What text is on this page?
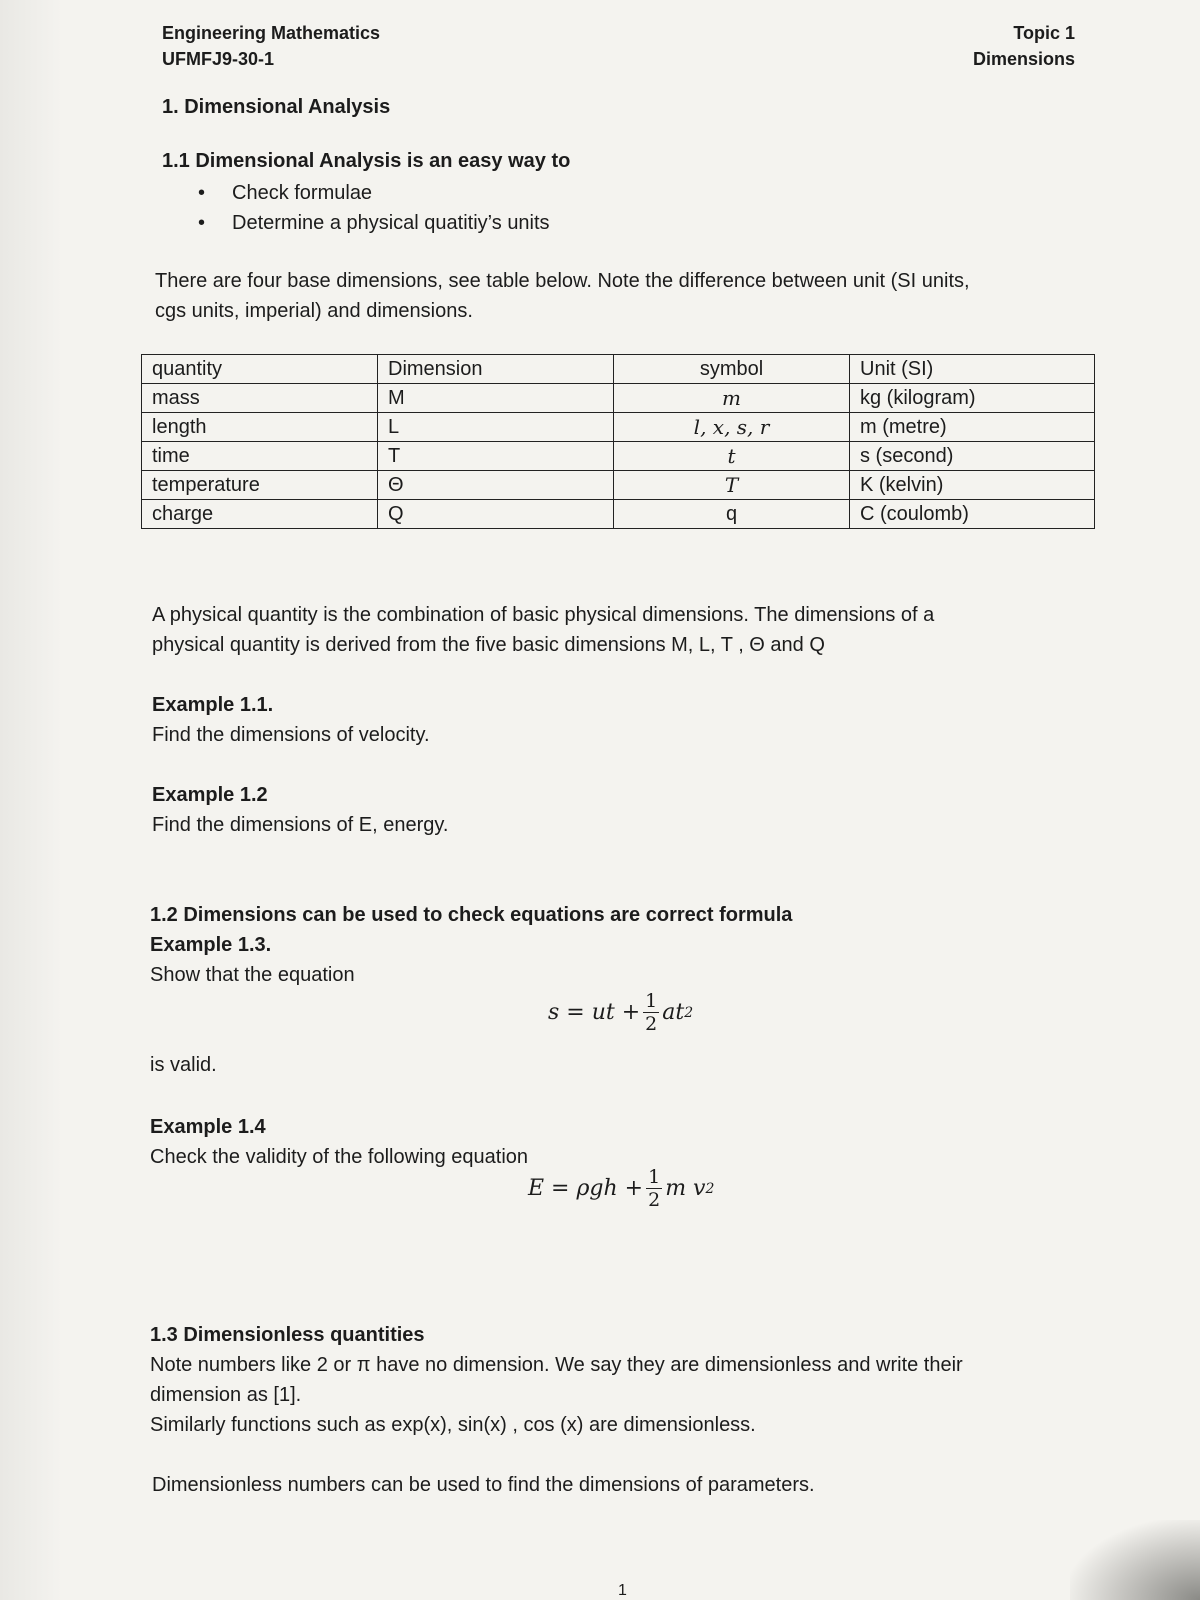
Engineering Mathematics
UFMFJ9-30-1
Topic 1
Dimensions
1. Dimensional Analysis
1.1 Dimensional Analysis is an easy way to
• Check formulae
• Determine a physical quatitiy’s units
There are four base dimensions, see table below. Note the difference between unit (SI units,
cgs units, imperial) and dimensions.
quantity	Dimension	symbol	Unit (SI)
mass	M	m	kg (kilogram)
length	L	l, x, s, r	m (metre)
time	T	t	s (second)
temperature	Θ	T	K (kelvin)
charge	Q	q	C (coulomb)
A physical quantity is the combination of basic physical dimensions. The dimensions of a
physical quantity is derived from the five basic dimensions M, L, T , Θ and Q
Example 1.1.
Find the dimensions of velocity.
Example 1.2
Find the dimensions of E, energy.
1.2 Dimensions can be used to check equations are correct formula
Example 1.3.
Show that the equation
s = ut + $\frac{1}{2}$ at 2
is valid.
Example 1.4
Check the validity of the following equation
$E = \rho gh + \frac{1}{2}$ m v 2
1.3 Dimensionless quantities
Note numbers like 2 or π have no dimension. We say they are dimensionless and write their
dimension as [1].
Similarly functions such as exp(x), sin(x) , cos (x) are dimensionless.
Dimensionless numbers can be used to find the dimensions of parameters.
1
